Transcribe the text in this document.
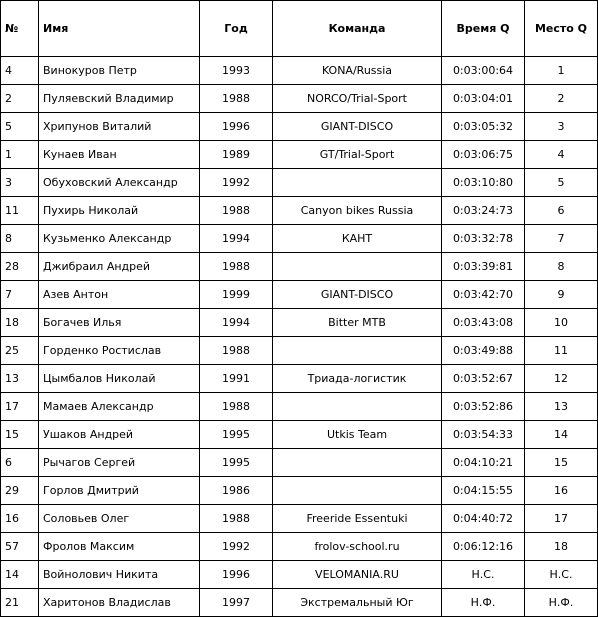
№	Имя	Год	Команда	Время Q	Место Q
4	Винокуров Петр	1993	KONA/Russia	0:03:00:64	1
2	Пуляевский Владимир	1988	NORCO/Trial-Sport	0:03:04:01	2
5	Хрипунов Виталий	1996	GIANT-DISCO	0:03:05:32	3
1	Кунаев Иван	1989	GT/Trial-Sport	0:03:06:75	4
3	Обуховский Александр	1992		0:03:10:80	5
11	Пухирь Николай	1988	Canyon bikes Russia	0:03:24:73	6
8	Кузьменко Александр	1994	КАНТ	0:03:32:78	7
28	Джибраил Андрей	1988		0:03:39:81	8
7	Азев Антон	1999	GIANT-DISCO	0:03:42:70	9
18	Богачев Илья	1994	Bitter MTB	0:03:43:08	10
25	Горденко Ростислав	1988		0:03:49:88	11
13	Цымбалов Николай	1991	Триада-логистик	0:03:52:67	12
17	Мамаев Александр	1988		0:03:52:86	13
15	Ушаков Андрей	1995	Utkis Team	0:03:54:33	14
6	Рычагов Сергей	1995		0:04:10:21	15
29	Горлов Дмитрий	1986		0:04:15:55	16
16	Соловьев Олег	1988	Freeride Essentuki	0:04:40:72	17
57	Фролов Максим	1992	frolov-school.ru	0:06:12:16	18
14	Войнолович Никита	1996	VELOMANIA.RU	Н.С.	Н.С.
21	Харитонов Владислав	1997	Экстремальный Юг	Н.Ф.	Н.Ф.
